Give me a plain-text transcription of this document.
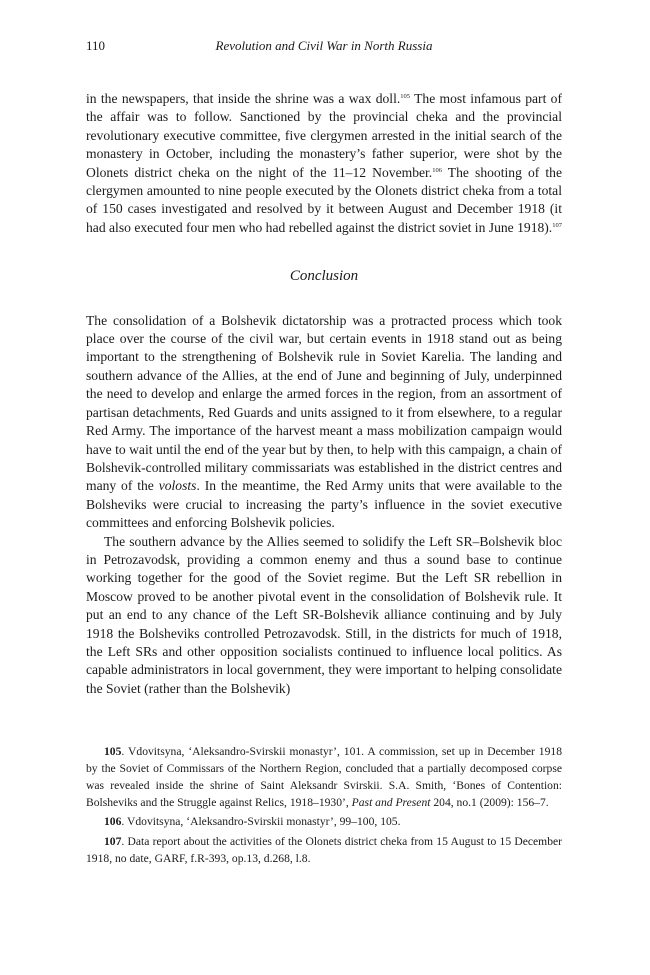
110	Revolution and Civil War in North Russia

in the newspapers, that inside the shrine was a wax doll.$^{105}$ The most infamous part of the affair was to follow. Sanctioned by the provincial cheka and the provincial revolutionary executive committee, five clergymen arrested in the initial search of the monastery in October, including the monastery’s father superior, were shot by the Olonets district cheka on the night of the 11–12 November.$^{106}$ The shooting of the clergymen amounted to nine people executed by the Olonets district cheka from a total of 150 cases investigated and resolved by it between August and December 1918 (it had also executed four men who had rebelled against the district soviet in June 1918).$^{107}$

Conclusion

The consolidation of a Bolshevik dictatorship was a protracted process which took place over the course of the civil war, but certain events in 1918 stand out as being important to the strengthening of Bolshevik rule in Soviet Karelia. The landing and southern advance of the Allies, at the end of June and beginning of July, underpinned the need to develop and enlarge the armed forces in the region, from an assortment of partisan detachments, Red Guards and units assigned to it from elsewhere, to a regular Red Army. The importance of the harvest meant a mass mobilization campaign would have to wait until the end of the year but by then, to help with this campaign, a chain of Bolshevik-controlled military commissariats was established in the district centres and many of the volosts. In the meantime, the Red Army units that were available to the Bolsheviks were crucial to increasing the party’s influence in the soviet executive committees and enforcing Bolshevik policies.

The southern advance by the Allies seemed to solidify the Left SR–Bolshevik bloc in Petrozavodsk, providing a common enemy and thus a sound base to continue working together for the good of the Soviet regime. But the Left SR rebellion in Moscow proved to be another pivotal event in the consolidation of Bolshevik rule. It put an end to any chance of the Left SR-Bolshevik alliance continuing and by July 1918 the Bolsheviks controlled Petrozavodsk. Still, in the districts for much of 1918, the Left SRs and other opposition socialists continued to influence local politics. As capable administrators in local government, they were important to helping consolidate the Soviet (rather than the Bolshevik)

105. Vdovitsyna, ‘Aleksandro-Svirskii monastyr’, 101. A commission, set up in December 1918 by the Soviet of Commissars of the Northern Region, concluded that a partially decomposed corpse was revealed inside the shrine of Saint Aleksandr Svirskii. S.A. Smith, ‘Bones of Contention: Bolsheviks and the Struggle against Relics, 1918–1930’, Past and Present 204, no.1 (2009): 156–7.

106. Vdovitsyna, ‘Aleksandro-Svirskii monastyr’, 99–100, 105.

107. Data report about the activities of the Olonets district cheka from 15 August to 15 December 1918, no date, GARF, f.R-393, op.13, d.268, l.8.
